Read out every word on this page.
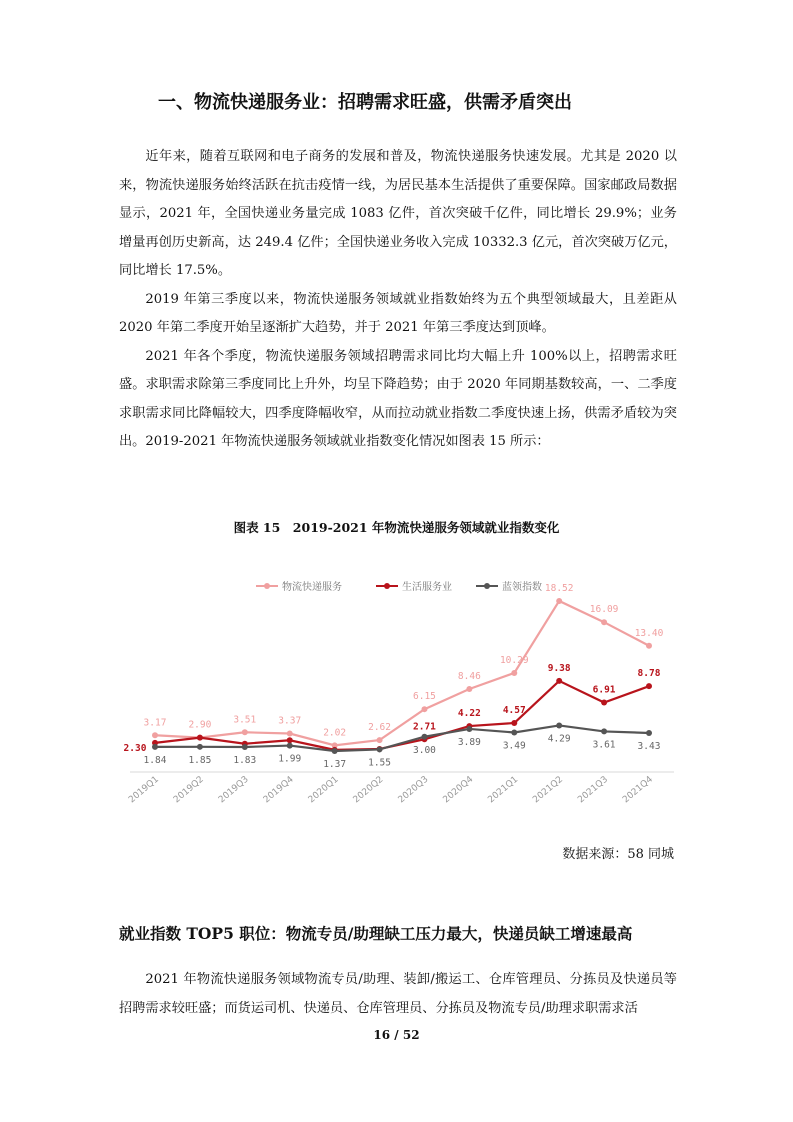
一、物流快递服务业：招聘需求旺盛，供需矛盾突出

近年来，随着互联网和电子商务的发展和普及，物流快递服务快速发展。尤其是 2020 以来，物流快递服务始终活跃在抗击疫情一线，为居民基本生活提供了重要保障。国家邮政局数据显示，2021 年，全国快递业务量完成 1083 亿件，首次突破千亿件，同比增长 29.9%；业务增量再创历史新高，达 249.4 亿件；全国快递业务收入完成 10332.3 亿元，首次突破万亿元，同比增长 17.5%。

2019 年第三季度以来，物流快递服务领域就业指数始终为五个典型领域最大，且差距从 2020 年第二季度开始呈逐渐扩大趋势，并于 2021 年第三季度达到顶峰。

2021 年各个季度，物流快递服务领域招聘需求同比均大幅上升 100%以上，招聘需求旺盛。求职需求除第三季度同比上升外，均呈下降趋势；由于 2020 年同期基数较高，一、二季度求职需求同比降幅较大，四季度降幅收窄，从而拉动就业指数二季度快速上扬，供需矛盾较为突出。2019-2021 年物流快递服务领域就业指数变化情况如图表 15 所示：

图表 15　2019-2021 年物流快递服务领域就业指数变化
物流快递服务	生活服务业	蓝领指数
3.17 2.90 3.51 3.37
2.02 2.62
6.15
8.46
10.29
18.52
16.09
13.40
2.30
2.71
4.22 4.57
9.38
6.91
8.78
1.84 1.85 1.83 1.99 1.37 1.55
3.00
3.89 3.49
4.29
3.61 3.43
2019Q1 2019Q2 2019Q3 2019Q4 2020Q1 2020Q2 2020Q3 2020Q4 2021Q1 2021Q2 2021Q3 2021Q4
数据来源：58 同城
就业指数 TOP5 职位：物流专员/助理缺工压力最大，快递员缺工增速最高

2021 年物流快递服务领域物流专员/助理、装卸/搬运工、仓库管理员、分拣员及快递员等招聘需求较旺盛；而货运司机、快递员、仓库管理员、分拣员及物流专员/助理求职需求活

16 / 52
